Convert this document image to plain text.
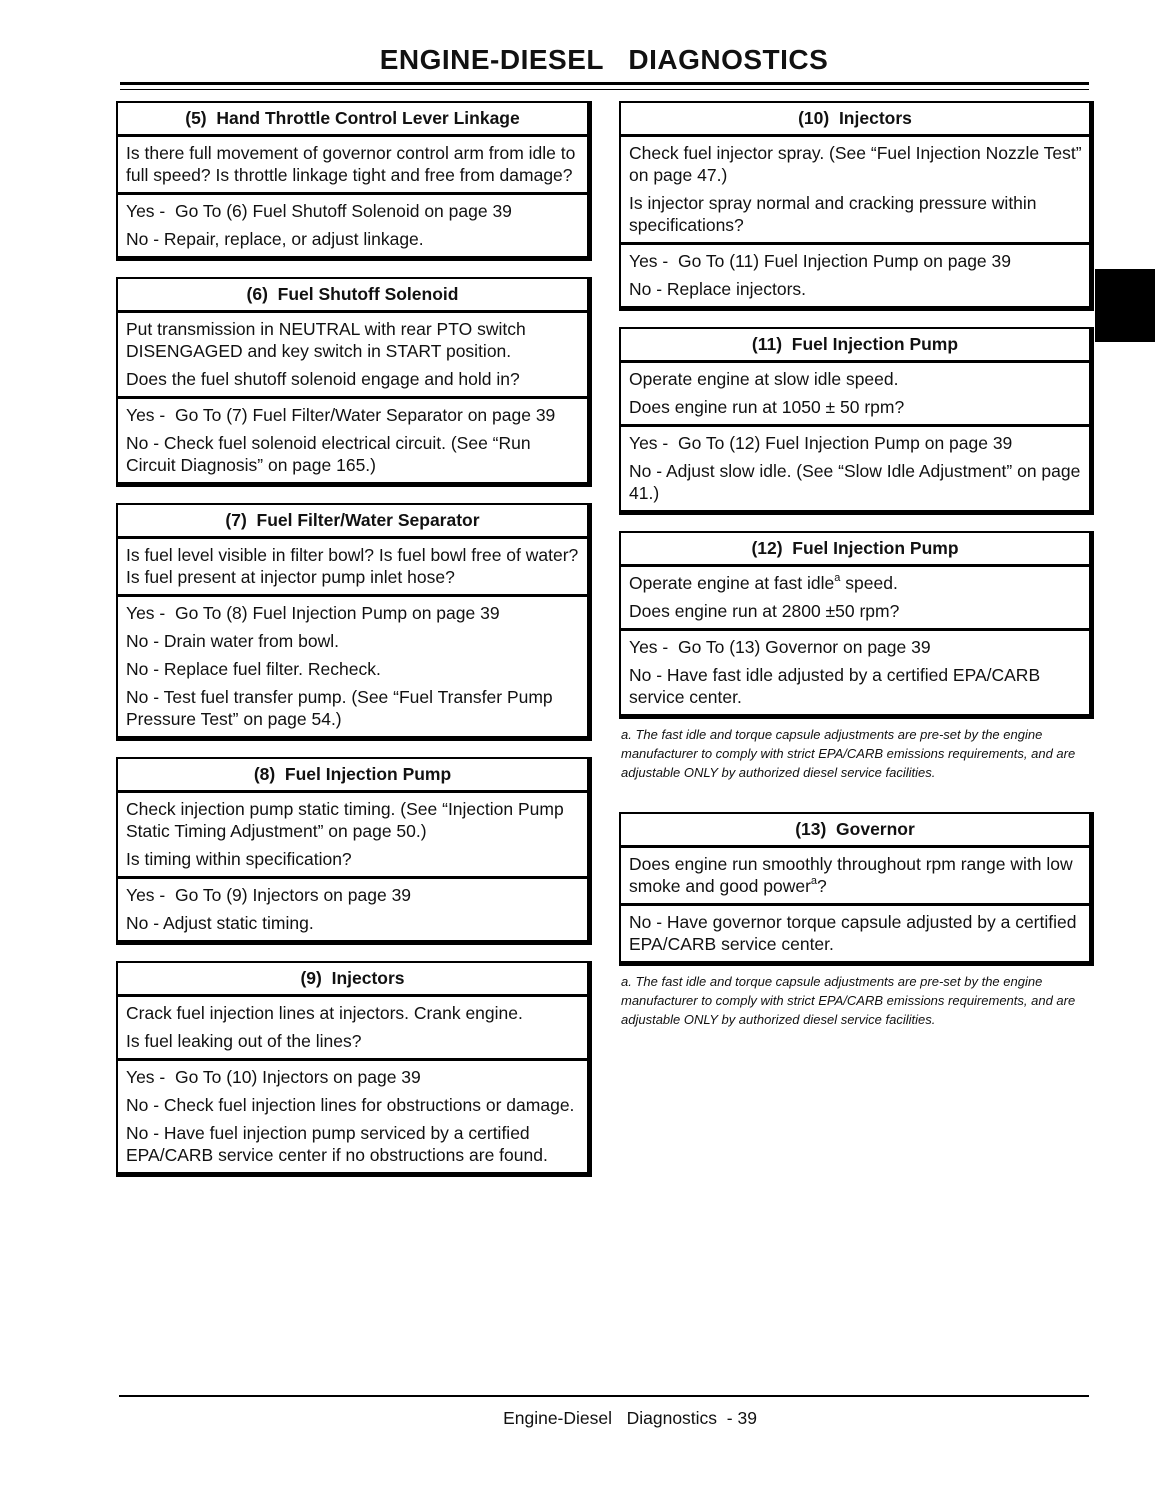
ENGINE-DIESEL   DIAGNOSTICS
(5)  Hand Throttle Control Lever Linkage
Is there full movement of governor control arm from idle to full speed? Is throttle linkage tight and free from damage?
Yes -  Go To (6) Fuel Shutoff Solenoid on page 39
No - Repair, replace, or adjust linkage.
(6)  Fuel Shutoff Solenoid
Put transmission in NEUTRAL with rear PTO switch DISENGAGED and key switch in START position.
Does the fuel shutoff solenoid engage and hold in?
Yes -  Go To (7) Fuel Filter/Water Separator on page 39
No - Check fuel solenoid electrical circuit. (See “Run Circuit Diagnosis” on page 165.)
(7)  Fuel Filter/Water Separator
Is fuel level visible in filter bowl? Is fuel bowl free of water? Is fuel present at injector pump inlet hose?
Yes -  Go To (8) Fuel Injection Pump on page 39
No - Drain water from bowl.
No - Replace fuel filter. Recheck.
No - Test fuel transfer pump. (See “Fuel Transfer Pump Pressure Test” on page 54.)
(8)  Fuel Injection Pump
Check injection pump static timing. (See “Injection Pump Static Timing Adjustment” on page 50.)
Is timing within specification?
Yes -  Go To (9) Injectors on page 39
No - Adjust static timing.
(9)  Injectors
Crack fuel injection lines at injectors. Crank engine.
Is fuel leaking out of the lines?
Yes -  Go To (10) Injectors on page 39
No - Check fuel injection lines for obstructions or damage.
No - Have fuel injection pump serviced by a certified EPA/CARB service center if no obstructions are found.
(10)  Injectors
Check fuel injector spray. (See “Fuel Injection Nozzle Test” on page 47.)
Is injector spray normal and cracking pressure within specifications?
Yes -  Go To (11) Fuel Injection Pump on page 39
No - Replace injectors.
(11)  Fuel Injection Pump
Operate engine at slow idle speed.
Does engine run at 1050 ± 50 rpm?
Yes -  Go To (12) Fuel Injection Pump on page 39
No - Adjust slow idle. (See “Slow Idle Adjustment” on page 41.)
(12)  Fuel Injection Pump
Operate engine at fast idle$^a$ speed.
Does engine run at 2800 ±50 rpm?
Yes -  Go To (13) Governor on page 39
No - Have fast idle adjusted by a certified EPA/CARB service center.
a. The fast idle and torque capsule adjustments are pre-set by the engine manufacturer to comply with strict EPA/CARB emissions requirements, and are adjustable ONLY by authorized diesel service facilities.
(13)  Governor
Does engine run smoothly throughout rpm range with low smoke and good power$^a$?
No - Have governor torque capsule adjusted by a certified EPA/CARB service center.
a. The fast idle and torque capsule adjustments are pre-set by the engine manufacturer to comply with strict EPA/CARB emissions requirements, and are adjustable ONLY by authorized diesel service facilities.
Engine-Diesel   Diagnostics  - 39
